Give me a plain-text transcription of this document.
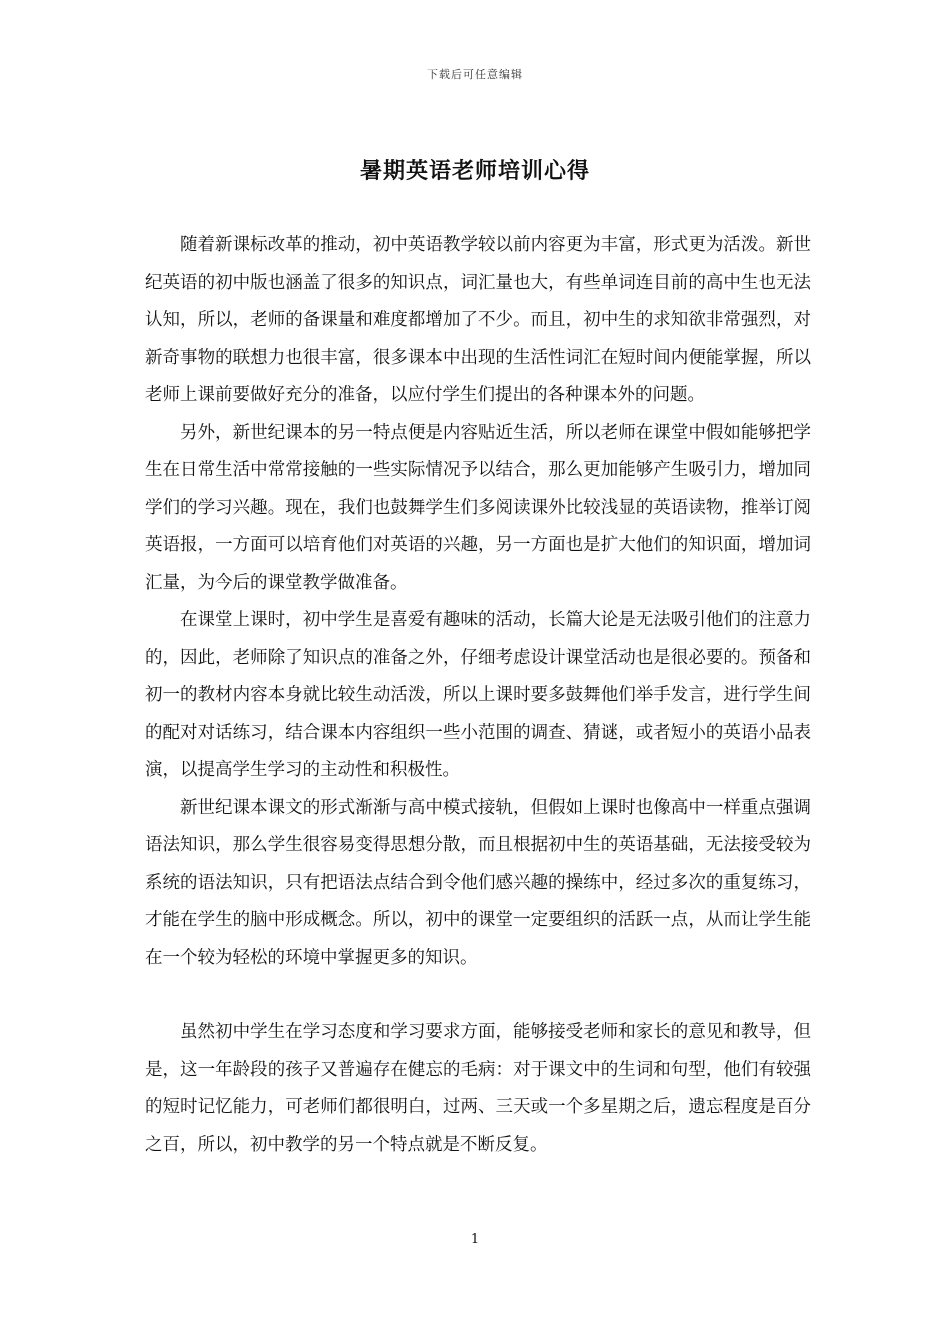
下载后可任意编辑
暑期英语老师培训心得

随着新课标改革的推动，初中英语教学较以前内容更为丰富，形式更为活泼。新世纪英语的初中版也涵盖了很多的知识点，词汇量也大，有些单词连目前的高中生也无法认知，所以，老师的备课量和难度都增加了不少。而且，初中生的求知欲非常强烈，对新奇事物的联想力也很丰富，很多课本中出现的生活性词汇在短时间内便能掌握，所以老师上课前要做好充分的准备，以应付学生们提出的各种课本外的问题。

另外，新世纪课本的另一特点便是内容贴近生活，所以老师在课堂中假如能够把学生在日常生活中常常接触的一些实际情况予以结合，那么更加能够产生吸引力，增加同学们的学习兴趣。现在，我们也鼓舞学生们多阅读课外比较浅显的英语读物，推举订阅英语报，一方面可以培育他们对英语的兴趣，另一方面也是扩大他们的知识面，增加词汇量，为今后的课堂教学做准备。

在课堂上课时，初中学生是喜爱有趣味的活动，长篇大论是无法吸引他们的注意力的，因此，老师除了知识点的准备之外，仔细考虑设计课堂活动也是很必要的。预备和初一的教材内容本身就比较生动活泼，所以上课时要多鼓舞他们举手发言，进行学生间的配对对话练习，结合课本内容组织一些小范围的调查、猜谜，或者短小的英语小品表演，以提高学生学习的主动性和积极性。

新世纪课本课文的形式渐渐与高中模式接轨，但假如上课时也像高中一样重点强调语法知识，那么学生很容易变得思想分散，而且根据初中生的英语基础，无法接受较为系统的语法知识，只有把语法点结合到令他们感兴趣的操练中，经过多次的重复练习，才能在学生的脑中形成概念。所以，初中的课堂一定要组织的活跃一点，从而让学生能在一个较为轻松的环境中掌握更多的知识。

虽然初中学生在学习态度和学习要求方面，能够接受老师和家长的意见和教导，但是，这一年龄段的孩子又普遍存在健忘的毛病：对于课文中的生词和句型，他们有较强的短时记忆能力，可老师们都很明白，过两、三天或一个多星期之后，遗忘程度是百分之百，所以，初中教学的另一个特点就是不断反复。

1
